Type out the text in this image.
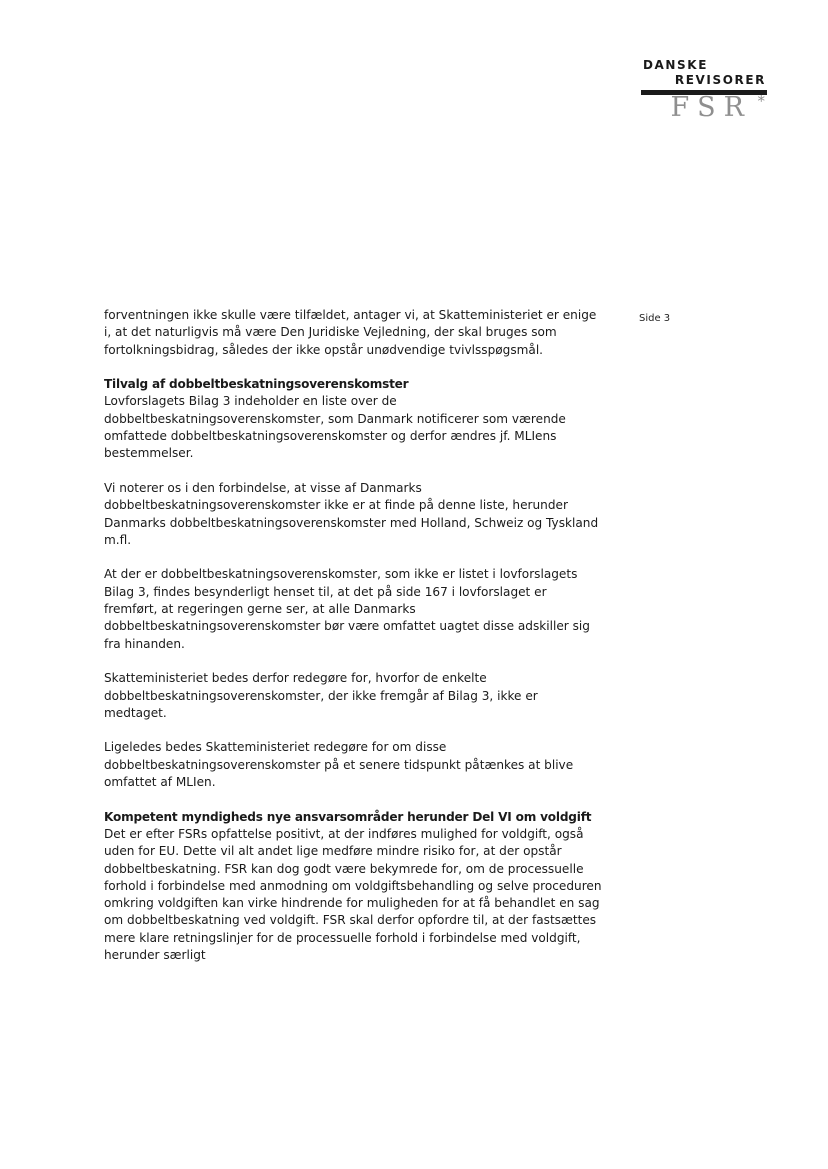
DANSKE
REVISORER
FSR *
Side 3
forventningen ikke skulle være tilfældet, antager vi, at Skatteministeriet er enige
i, at det naturligvis må være Den Juridiske Vejledning, der skal bruges som
fortolkningsbidrag, således der ikke opstår unødvendige tvivlsspøgsmål.
Tilvalg af dobbeltbeskatningsoverenskomster
Lovforslagets Bilag 3 indeholder en liste over de
dobbeltbeskatningsoverenskomster, som Danmark notificerer som værende
omfattede dobbeltbeskatningsoverenskomster og derfor ændres jf. MLIens
bestemmelser.
Vi noterer os i den forbindelse, at visse af Danmarks
dobbeltbeskatningsoverenskomster ikke er at finde på denne liste, herunder
Danmarks dobbeltbeskatningsoverenskomster med Holland, Schweiz og Tyskland
m.fl.
At der er dobbeltbeskatningsoverenskomster, som ikke er listet i lovforslagets
Bilag 3, findes besynderligt henset til, at det på side 167 i lovforslaget er
fremført, at regeringen gerne ser, at alle Danmarks
dobbeltbeskatningsoverenskomster bør være omfattet uagtet disse adskiller sig
fra hinanden.
Skatteministeriet bedes derfor redegøre for, hvorfor de enkelte
dobbeltbeskatningsoverenskomster, der ikke fremgår af Bilag 3, ikke er
medtaget.
Ligeledes bedes Skatteministeriet redegøre for om disse
dobbeltbeskatningsoverenskomster på et senere tidspunkt påtænkes at blive
omfattet af MLIen.
Kompetent myndigheds nye ansvarsområder herunder Del VI om voldgift
Det er efter FSRs opfattelse positivt, at der indføres mulighed for voldgift, også
uden for EU. Dette vil alt andet lige medføre mindre risiko for, at der opstår
dobbeltbeskatning. FSR kan dog godt være bekymrede for, om de processuelle
forhold i forbindelse med anmodning om voldgiftsbehandling og selve proceduren
omkring voldgiften kan virke hindrende for muligheden for at få behandlet en sag
om dobbeltbeskatning ved voldgift. FSR skal derfor opfordre til, at der fastsættes
mere klare retningslinjer for de processuelle forhold i forbindelse med voldgift,
herunder særligt
